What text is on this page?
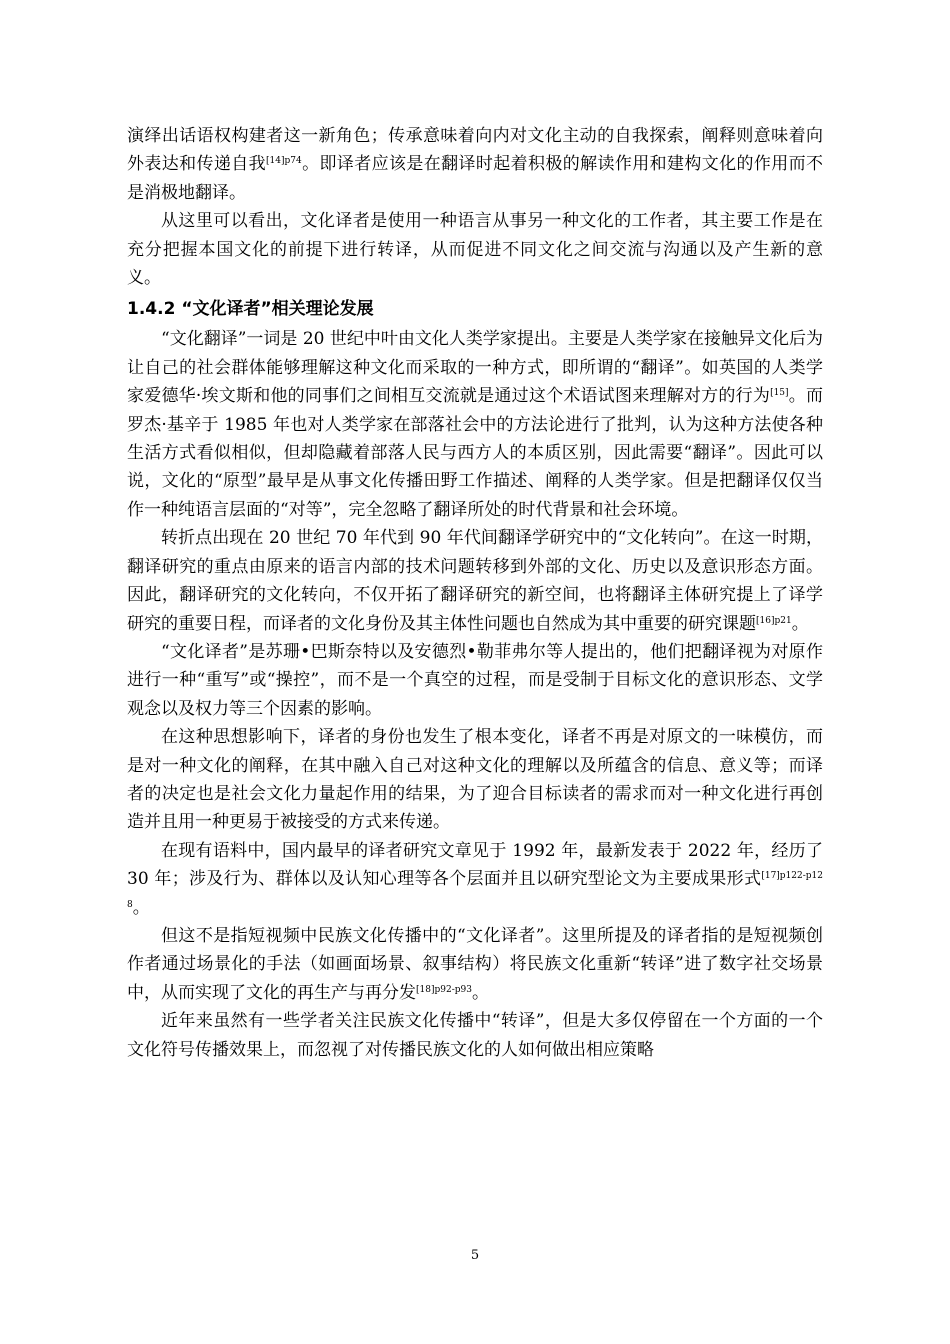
演绎出话语权构建者这一新角色；传承意味着向内对文化主动的自我探索，阐释则意味着向外表达和传递自我$^{[14]p74}$。即译者应该是在翻译时起着积极的解读作用和建构文化的作用而不是消极地翻译。

从这里可以看出，文化译者是使用一种语言从事另一种文化的工作者，其主要工作是在充分把握本国文化的前提下进行转译，从而促进不同文化之间交流与沟通以及产生新的意义。

1.4.2 “文化译者”相关理论发展

“文化翻译”一词是 20 世纪中叶由文化人类学家提出。主要是人类学家在接触异文化后为让自己的社会群体能够理解这种文化而采取的一种方式，即所谓的“翻译”。如英国的人类学家爱德华·埃文斯和他的同事们之间相互交流就是通过这个术语试图来理解对方的行为[15]。而罗杰·基辛于 1985 年也对人类学家在部落社会中的方法论进行了批判，认为这种方法使各种生活方式看似相似，但却隐藏着部落人民与西方人的本质区别，因此需要“翻译”。因此可以说，文化的“原型”最早是从事文化传播田野工作描述、阐释的人类学家。但是把翻译仅仅当作一种纯语言层面的“对等”，完全忽略了翻译所处的时代背景和社会环境。

转折点出现在 20 世纪 70 年代到 90 年代间翻译学研究中的“文化转向”。在这一时期，翻译研究的重点由原来的语言内部的技术问题转移到外部的文化、历史以及意识形态方面。因此，翻译研究的文化转向，不仅开拓了翻译研究的新空间，也将翻译主体研究提上了译学研究的重要日程，而译者的文化身份及其主体性问题也自然成为其中重要的研究课题$^{[16]p21}$。

“文化译者”是苏珊•巴斯奈特以及安德烈•勒菲弗尔等人提出的，他们把翻译视为对原作进行一种“重写”或“操控”，而不是一个真空的过程，而是受制于目标文化的意识形态、文学观念以及权力等三个因素的影响。

在这种思想影响下，译者的身份也发生了根本变化，译者不再是对原文的一味模仿，而是对一种文化的阐释，在其中融入自己对这种文化的理解以及所蕴含的信息、意义等；而译者的决定也是社会文化力量起作用的结果，为了迎合目标读者的需求而对一种文化进行再创造并且用一种更易于被接受的方式来传递。

在现有语料中，国内最早的译者研究文章见于 1992 年，最新发表于 2022 年，经历了 30 年；涉及行为、群体以及认知心理等各个层面并且以研究型论文为主要成果形式$^{[17]p122-p128}$。

但这不是指短视频中民族文化传播中的“文化译者”。这里所提及的译者指的是短视频创作者通过场景化的手法（如画面场景、叙事结构）将民族文化重新“转译”进了数字社交场景中，从而实现了文化的再生产与再分发$^{[18]p92-p93}$。

近年来虽然有一些学者关注民族文化传播中“转译”，但是大多仅停留在一个方面的一个文化符号传播效果上，而忽视了对传播民族文化的人如何做出相应策略

5
